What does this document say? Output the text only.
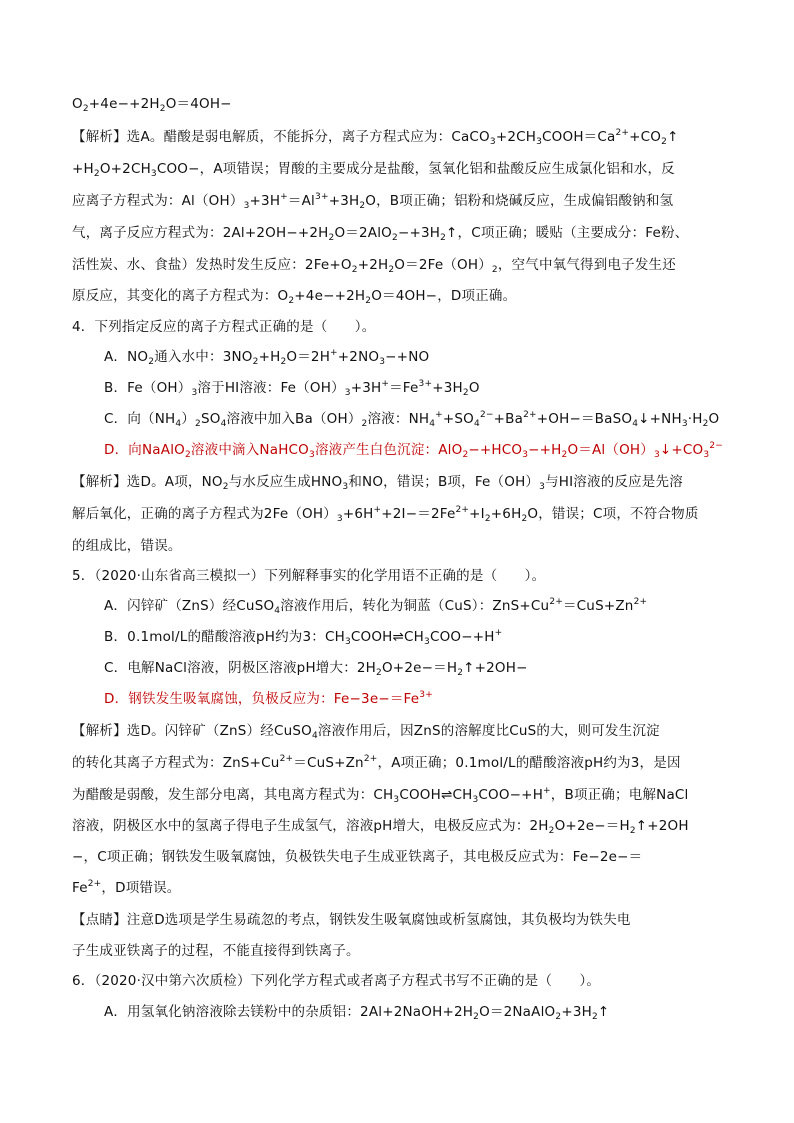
$O_2+4e-+2H_2O=4OH-$
【解析】选A。醋酸是弱电解质，不能拆分，离子方程式应为：$CaCO_3+2CH_3COOH=Ca^{2+}+CO_2↑$
$+H_2O+2CH_3COO-$，A项错误；胃酸的主要成分是盐酸，氢氧化铝和盐酸反应生成氯化铝和水，反
应离子方程式为：$Al(OH)_3+3H^+=Al^{3+}+3H_2O$，B项正确；铝粉和烧碱反应，生成偏铝酸钠和氢
气，离子反应方程式为：$2Al+2OH-+2H_2O=2AlO_2-+3H_2↑$，C项正确；暖贴（主要成分：Fe粉、
活性炭、水、食盐）发热时发生反应：$2Fe+O_2+2H_2O=2Fe(OH)_2$，空气中氧气得到电子发生还
原反应，其变化的离子方程式为：$O_2+4e-+2H_2O=4OH-$，D项正确。
4．下列指定反应的离子方程式正确的是（　　）。
A．$NO_2$通入水中：$3NO_2+H_2O=2H^++2NO_3-+NO$
B．$Fe(OH)_3$溶于HI溶液：$Fe(OH)_3+3H^+=Fe^{3+}+3H_2O$
C．向$(NH_4)_2SO_4$溶液中加入$Ba(OH)_2$溶液：$NH_4^++SO_4^{2-}+Ba^{2+}+OH-=BaSO_4↓+NH_3\cdot H_2O$
D．向NaAlO$_2$溶液中滴入NaHCO$_3$溶液产生白色沉淀：$AlO_2-+HCO_3-+H_2O=Al(OH)_3↓+CO_3^{2-}$
【解析】选D。A项，$NO_2$与水反应生成$HNO_3$和NO，错误；B项，$Fe(OH)_3$与HI溶液的反应是先溶
解后氧化，正确的离子方程式为$2Fe(OH)_3+6H^++2I-=2Fe^{2+}+I_2+6H_2O$，错误；C项，不符合物质
的组成比，错误。
5．（2020·山东省高三模拟一）下列解释事实的化学用语不正确的是（　　）。
A．闪锌矿（ZnS）经CuSO$_4$溶液作用后，转化为铜蓝（CuS）：$ZnS+Cu^{2+}=CuS+Zn^{2+}$
B．0.1mol/L的醋酸溶液pH约为3：$CH_3COOH\rightleftharpoons CH_3COO-+H^+$
C．电解NaCl溶液，阴极区溶液pH增大：$2H_2O+2e-=H_2↑+2OH-$
D．钢铁发生吸氧腐蚀，负极反应为：$Fe-3e-=Fe^{3+}$
【解析】选D。闪锌矿（ZnS）经CuSO$_4$溶液作用后，因ZnS的溶解度比CuS的大，则可发生沉淀
的转化其离子方程式为：$ZnS+Cu^{2+}=CuS+Zn^{2+}$，A项正确；0.1mol/L的醋酸溶液pH约为3，是因
为醋酸是弱酸，发生部分电离，其电离方程式为：$CH_3COOH\rightleftharpoons CH_3COO-+H^+$，B项正确；电解NaCl
溶液，阴极区水中的氢离子得电子生成氢气，溶液pH增大，电极反应式为：$2H_2O+2e-=H_2↑+2OH$
−，C项正确；钢铁发生吸氧腐蚀，负极铁失电子生成亚铁离子，其电极反应式为：Fe−2e−＝
$Fe^{2+}$，D项错误。
【点睛】注意D选项是学生易疏忽的考点，钢铁发生吸氧腐蚀或析氢腐蚀，其负极均为铁失电
子生成亚铁离子的过程，不能直接得到铁离子。
6．（2020·汉中第六次质检）下列化学方程式或者离子方程式书写不正确的是（　　）。
A．用氢氧化钠溶液除去镁粉中的杂质铝：$2Al+2NaOH+2H_2O=2NaAlO_2+3H_2↑$
